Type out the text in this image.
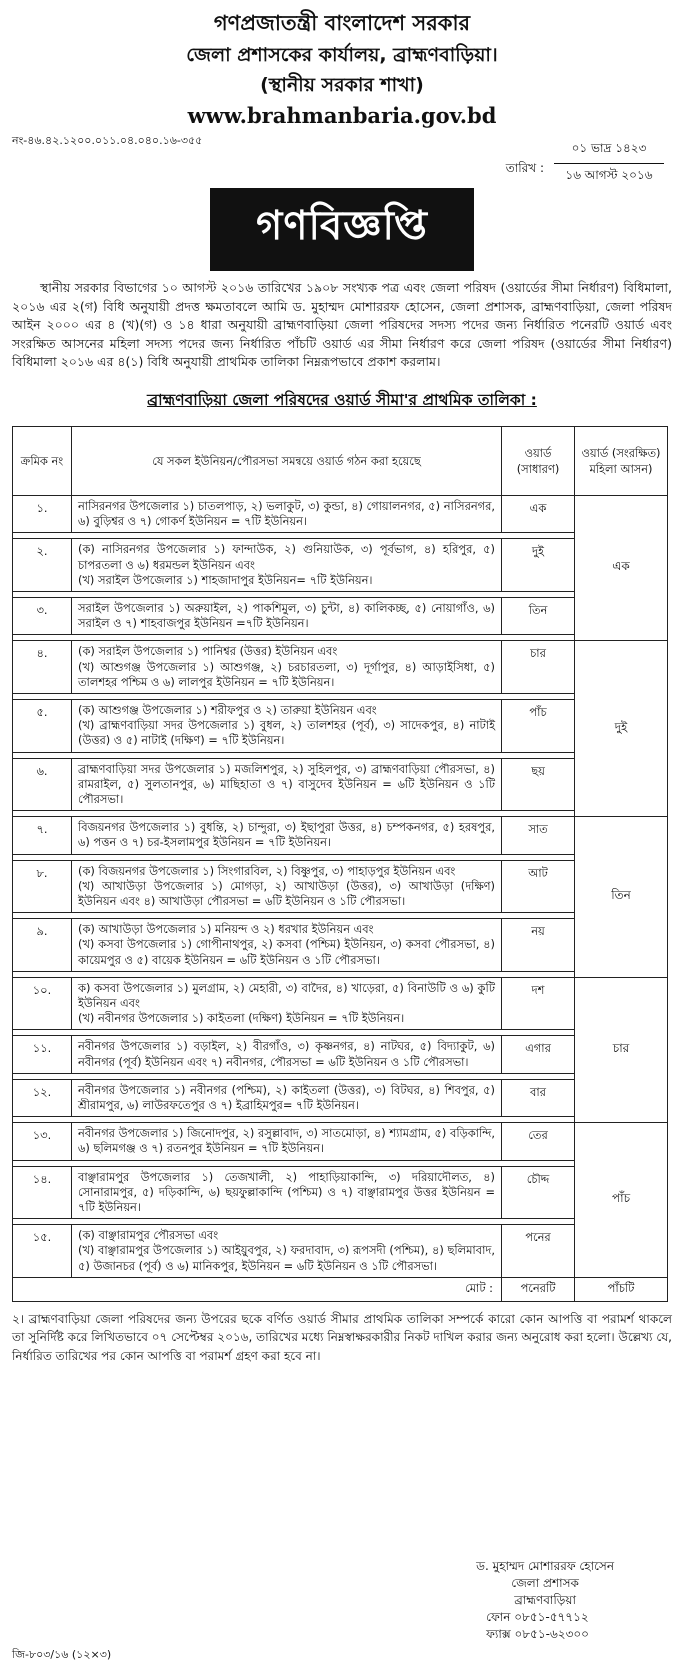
গণপ্রজাতন্ত্রী বাংলাদেশ সরকার
জেলা প্রশাসকের কার্যালয়, ব্রাহ্মণবাড়িয়া।
(স্থানীয় সরকার শাখা)
www.brahmanbaria.gov.bd
নং-৪৬.৪২.১২০০.০১১.০৪.০৪০.১৬-৩৫৫
তারিখ :
০১ ভাদ্র ১৪২৩
১৬ আগস্ট ২০১৬
গণবিজ্ঞপ্তি

স্থানীয় সরকার বিভাগের ১০ আগস্ট ২০১৬ তারিখের ১৯০৮ সংখ্যক পত্র এবং জেলা পরিষদ (ওয়ার্ডের সীমা নির্ধারণ) বিধিমালা, ২০১৬ এর ২(গ) বিধি অনুযায়ী প্রদত্ত ক্ষমতাবলে আমি ড. মুহাম্মদ মোশাররফ হোসেন, জেলা প্রশাসক, ব্রাহ্মণবাড়িয়া, জেলা পরিষদ আইন ২০০০ এর ৪ (খ)(গ) ও ১৪ ধারা অনুযায়ী ব্রাহ্মণবাড়িয়া জেলা পরিষদের সদস্য পদের জন্য নির্ধারিত পনেরটি ওয়ার্ড এবং সংরক্ষিত আসনের মহিলা সদস্য পদের জন্য নির্ধারিত পাঁচটি ওয়ার্ড এর সীমা নির্ধারণ করে জেলা পরিষদ (ওয়ার্ডের সীমা নির্ধারণ) বিধিমালা ২০১৬ এর ৪(১) বিধি অনুযায়ী প্রাথমিক তালিকা নিম্নরূপভাবে প্রকাশ করলাম।

ব্রাহ্মণবাড়িয়া জেলা পরিষদের ওয়ার্ড সীমা'র প্রাথমিক তালিকা :
ক্রমিক নং	যে সকল ইউনিয়ন/পৌরসভা সমন্বয়ে ওয়ার্ড গঠন করা হয়েছে	ওয়ার্ড (সাধারণ)	ওয়ার্ড (সংরক্ষিত) মহিলা আসন)
১.	নাসিরনগর উপজেলার ১) চাতলপাড়, ২) ভলাকুট, ৩) কুন্ডা, ৪) গোয়ালনগর, ৫) নাসিরনগর, ৬) বুড়িশ্বর ও ৭) গোকর্ণ ইউনিয়ন = ৭টি ইউনিয়ন।	এক	এক

২.	(ক) নাসিরনগর উপজেলার ১) ফান্দাউক, ২) গুনিয়াউক, ৩) পূর্বভাগ, ৪) হরিপুর, ৫) চাপরতলা ও ৬) ধরমন্ডল ইউনিয়ন এবং
(খ) সরাইল উপজেলার ১) শাহজাদাপুর ইউনিয়ন= ৭টি ইউনিয়ন।	দুই	

৩.	সরাইল উপজেলার ১) অরুয়াইল, ২) পাকশিমুল, ৩) চুন্টা, ৪) কালিকচ্ছ, ৫) নোয়াগাঁও, ৬) সরাইল ও ৭) শাহবাজপুর ইউনিয়ন =৭টি ইউনিয়ন।	তিন	

৪.	(ক) সরাইল উপজেলার ১) পানিশ্বর (উত্তর) ইউনিয়ন এবং
(খ) আশুগঞ্জ উপজেলার ১) আশুগঞ্জ, ২) চরচারতলা, ৩) দূর্গাপুর, ৪) আড়াইসিধা, ৫) তালশহর পশ্চিম ও ৬) লালপুর ইউনিয়ন = ৭টি ইউনিয়ন।	চার	দুই

৫.	(ক) আশুগঞ্জ উপজেলার ১) শরীফপুর ও ২) তারুয়া ইউনিয়ন এবং
(খ) ব্রাহ্মণবাড়িয়া সদর উপজেলার ১) বুধল, ২) তালশহর (পূর্ব), ৩) সাদেকপুর, ৪) নাটাই (উত্তর) ও ৫) নাটাই (দক্ষিণ) = ৭টি ইউনিয়ন।	পাঁচ	

৬.	ব্রাহ্মণবাড়িয়া সদর উপজেলার ১) মজলিশপুর, ২) সুহিলপুর, ৩) ব্রাহ্মণবাড়িয়া পৌরসভা, ৪) রামরাইল, ৫) সুলতানপুর, ৬) মাছিহাতা ও ৭) বাসুদেব ইউনিয়ন = ৬টি ইউনিয়ন ও ১টি পৌরসভা।	ছয়	

৭.	বিজয়নগর উপজেলার ১) বুধন্তি, ২) চান্দুরা, ৩) ইছাপুরা উত্তর, ৪) চম্পকনগর, ৫) হরষপুর, ৬) পত্তন ও ৭) চর-ইসলামপুর ইউনিয়ন = ৭টি ইউনিয়ন।	সাত	তিন

৮.	(ক) বিজয়নগর উপজেলার ১) সিংগারবিল, ২) বিষ্ণুপুর, ৩) পাহাড়পুর ইউনিয়ন এবং
(খ) আখাউড়া উপজেলার ১) মোগড়া, ২) আখাউড়া (উত্তর), ৩) আখাউড়া (দক্ষিণ) ইউনিয়ন এবং ৪) আখাউড়া পৌরসভা = ৬টি ইউনিয়ন ও ১টি পৌরসভা।	আট	

৯.	(ক) আখাউড়া উপজেলার ১) মনিয়ন্দ ও ২) ধরখার ইউনিয়ন এবং
(খ) কসবা উপজেলার ১) গোপীনাথপুর, ২) কসবা (পশ্চিম) ইউনিয়ন, ৩) কসবা পৌরসভা, ৪) কায়েমপুর ও ৫) বায়েক ইউনিয়ন = ৬টি ইউনিয়ন ও ১টি পৌরসভা।	নয়	

১০.	ক) কসবা উপজেলার ১) মুলগ্রাম, ২) মেহারী, ৩) বাদৈর, ৪) খাড়েরা, ৫) বিনাউটি ও ৬) কুটি ইউনিয়ন এবং
(খ) নবীনগর উপজেলার ১) কাইতলা (দক্ষিণ) ইউনিয়ন = ৭টি ইউনিয়ন।	দশ	চার

১১.	নবীনগর উপজেলার ১) বড়াইল, ২) বীরগাঁও, ৩) কৃষ্ণনগর, ৪) নাটঘর, ৫) বিদ্যাকুট, ৬) নবীনগর (পূর্ব) ইউনিয়ন এবং ৭) নবীনগর, পৌরসভা = ৬টি ইউনিয়ন ও ১টি পৌরসভা।	এগার	

১২.	নবীনগর উপজেলার ১) নবীনগর (পশ্চিম), ২) কাইতলা (উত্তর), ৩) বিটঘর, ৪) শিবপুর, ৫) শ্রীরামপুর, ৬) লাউরফতেপুর ও ৭) ইব্রাহিমপুর= ৭টি ইউনিয়ন।	বার	

১৩.	নবীনগর উপজেলার ১) জিনোদপুর, ২) রসুল্লাবাদ, ৩) সাতমোড়া, ৪) শ্যামগ্রাম, ৫) বড়িকান্দি, ৬) ছলিমগঞ্জ ও ৭) রতনপুর ইউনিয়ন = ৭টি ইউনিয়ন।	তের	পাঁচ

১৪.	বাঞ্ছারামপুর উপজেলার ১) তেজখালী, ২) পাহাড়িয়াকান্দি, ৩) দরিয়াদৌলত, ৪) সোনারামপুর, ৫) দড়িকান্দি, ৬) ছয়ফুল্লাকান্দি (পশ্চিম) ও ৭) বাঞ্ছারামপুর উত্তর ইউনিয়ন = ৭টি ইউনিয়ন।	চৌদ্দ	

১৫.	(ক) বাঞ্ছারামপুর পৌরসভা এবং
(খ) বাঞ্ছারামপুর উপজেলার ১) আইয়ুবপুর, ২) ফরদাবাদ, ৩) রূপসদী (পশ্চিম), ৪) ছলিমাবাদ, ৫) উজানচর (পূর্ব) ও ৬) মানিকপুর, ইউনিয়ন = ৬টি ইউনিয়ন ও ১টি পৌরসভা।	পনের	
মোট :		পনেরটি	পাঁচটি
২। ব্রাহ্মণবাড়িয়া জেলা পরিষদের জন্য উপরের ছকে বর্ণিত ওয়ার্ড সীমার প্রাথমিক তালিকা সম্পর্কে কারো কোন আপত্তি বা পরামর্শ থাকলে তা সুনির্দিষ্ট করে লিখিতভাবে ০৭ সেপ্টেম্বর ২০১৬, তারিখের মধ্যে নিম্নস্বাক্ষরকারীর নিকট দাখিল করার জন্য অনুরোধ করা হলো। উল্লেখ্য যে, নির্ধারিত তারিখের পর কোন আপত্তি বা পরামর্শ গ্রহণ করা হবে না।
ড. মুহাম্মদ মোশাররফ হোসেন
জেলা প্রশাসক
ব্রাহ্মণবাড়িয়া
ফোন ০৮৫১-৫৭৭১২
ফ্যাক্স ০৮৫১-৬২৩০০
জি-৮০৩/১৬ (১২×৩)
